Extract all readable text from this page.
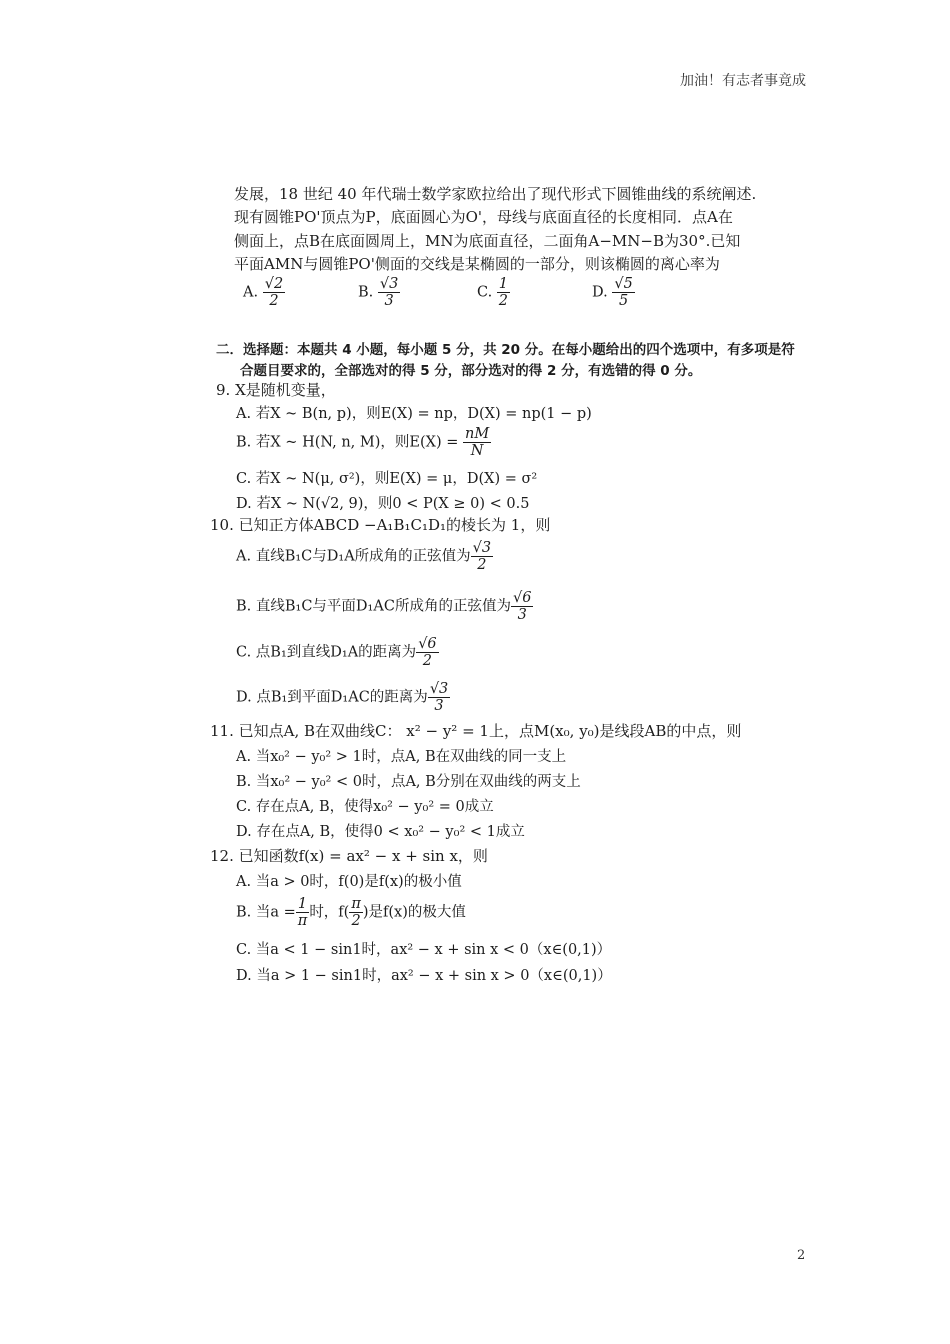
加油！有志者事竟成
发展，18 世纪 40 年代瑞士数学家欧拉给出了现代形式下圆锥曲线的系统阐述.
现有圆锥PO'顶点为P，底面圆心为O'，母线与底面直径的长度相同．点A在
侧面上，点B在底面圆周上，MN为底面直径，二面角A−MN−B为30°.已知
平面AMN与圆锥PO'侧面的交线是某椭圆的一部分，则该椭圆的离心率为
A. $\frac{√2}{2}$	B. $\frac{√3}{3}$	C. $\frac{1}{2}$	D. $\frac{√5}{5}$
二．选择题：本题共 4 小题，每小题 5 分，共 20 分。在每小题给出的四个选项中，有多项是符
合题目要求的，全部选对的得 5 分，部分选对的得 2 分，有选错的得 0 分。
9. X是随机变量，
A. 若X ~ B(n, p)，则E(X) = np，D(X) = np(1 − p)
B. 若X ~ H(N, n, M)，则$E(X) = \frac{nM}{N}$
C. 若X ~ N(μ, σ²)，则E(X) = μ，D(X) = σ²
D. 若X ~ N(√2, 9)，则0 < P(X ≥ 0) < 0.5
10. 已知正方体ABCD −A₁B₁C₁D₁的棱长为 1，则
A. 直线B₁C与D₁A所成角的正弦值为 $\frac{√3}{2}$
B. 直线B₁C与平面D₁AC所成角的正弦值为 $\frac{√6}{3}$
C. 点B₁到直线D₁A的距离为 $\frac{√6}{2}$
D. 点B₁到平面D₁AC的距离为 $\frac{√3}{3}$
11. 已知点A, B在双曲线C： x² − y² = 1上，点M(x₀, y₀)是线段AB的中点，则
A. 当x₀² − y₀² > 1时，点A, B在双曲线的同一支上
B. 当x₀² − y₀² < 0时，点A, B分别在双曲线的两支上
C. 存在点A, B，使得x₀² − y₀² = 0成立
D. 存在点A, B，使得0 < x₀² − y₀² < 1成立
12. 已知函数f(x) = ax² − x + sin x，则
A. 当a > 0时，f(0)是f(x)的极小值
B. 当$a = \frac{1}{\pi}$ 时，$f( \frac{\pi}{2}$ )是f(x)的极大值
C. 当a < 1 − sin1时，ax² − x + sin x < 0（x∈(0,1)）
D. 当a > 1 − sin1时，ax² − x + sin x > 0（x∈(0,1)）
2
